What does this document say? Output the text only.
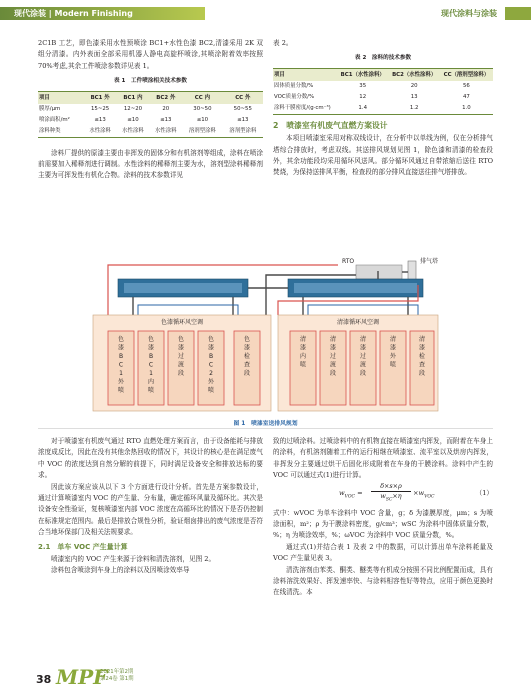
现代涂装 | Modern Finishing	现代涂料与涂装

2C1B 工艺，即色漆采用水性预喷涂 BC1+水性色漆 BC2,清漆采用 2K 双组分清漆。内外表面全部采用机器人静电高旋杯喷涂,其喷涂附着效率按照 70%考虑,其余工件喷涂参数详见表 1。

表 1　工件喷涂相关技术参数
项目	BC1 外	BC1 内	BC2 外	CC 内	CC 外
膜厚/μm	15~25	12~20	20	30~50	50~55
喷涂面积/m²	≤13	≤10	≤13	≤10	≤13
涂料种类	水性涂料	水性涂料	水性涂料	溶剂型涂料	溶剂型涂料

涂料厂提供的原漆主要由非挥发的固体分和有机溶剂等组成，涂料在喷涂前需要加入稀释剂进行调制。水性涂料的稀释剂主要为水，溶剂型涂料稀释剂主要为可挥发性有机化合物。涂料的技术参数详见

表 2。

表 2　涂料的技术参数
项目	BC1（水性涂料）	BC2（水性涂料）	CC（溶剂型涂料）
固体质量分数/%	35	20	56
VOC质量分数/%	12	13	47
涂料干膜密度/(g·cm⁻³)	1.4	1.2	1.0
2　喷漆室有机废气直燃方案设计

本项目喷漆室采用对称双线设计，在分析中以单线为例，仅在分析排气塔综合排放时，考虑双线。其送排风规划见图 1，除色漆和清漆的检查段外，其余功能段均采用循环风送风。部分循环风通过自带浓缩后送往 RTO 焚烧，为保持送排风平衡，检查段的部分排风直接送往排气塔排放。

RTO	排气塔
色漆循环风空调	清漆循环风空调
色
漆
B
C
1
外
喷
色
漆
B
C
1
内
喷
色
漆
过
渡
段
色
漆
B
C
2
外
喷
色
漆
检
查
段
清
漆
内
喷
清
漆
过
渡
段
清
漆
过
渡
段
清
漆
外
喷
清
漆
检
查
段
图 1　喷漆室送排风规划

对于喷漆室有机废气通过 RTO 直燃处理方案而言，由于设备能耗与排放浓度成反比，因此在没有其他余热回收的情况下，其设计的核心是在满足废气中 VOC 的浓度达到自然分解的前提下，同时满足设备安全和排放达标的要求。

因此该方案应该从以下 3 个方面进行设计分析。首先是方案参数设计，通过计算喷漆室内 VOC 的产生量、分布量，确定循环风量及循环比。其次是设备安全性验证，复核喷漆室内部 VOC 浓度在高循环比的情况下是否仍控制在标准规定范围内。最后是排放合规性分析，验证烟囱排出的废气浓度是否符合当地环保部门及相关法规要求。

2.1　单车 VOC 产生量计算

喷漆室内的 VOC 产生来源于涂料和清洗溶剂，见图 2。

涂料包含喷涂到车身上的涂料以及因喷涂效率导

致的过喷涂料。过喷涂料中的有机物直接在喷漆室内挥发，而附着在车身上的涂料，有机溶剂随着工件的运行相继在喷漆室、流平室以及烘房内挥发，非挥发分主要通过烘干后固化形成附着在车身的干膜涂料。涂料中产生的 VOC 可以通过式(1)进行计算。

$w_{VOC}$ =
δ×s×ρ
$w_{SC}\times\eta$	$\times w_{VOC}$	（1）

式中：wVOC 为单车涂料中 VOC 含量，g；δ 为漆膜厚度，μm；s 为喷涂面积，m²；ρ 为干膜涂料密度，g/cm³；wSC 为涂料中固体质量分数，%；η 为喷涂效率，%；ωVOC 为涂料中 VOC 质量分数，%。

通过式(1)并结合表 1 及表 2 中的数据，可以计算出单车涂料耗量及 VOC 产生量见表 3。

清洗溶剂由苯类、酮类、醚类等有机成分按照不同比例配置而成，具有涂料溶洗效果好、挥发速率快、与涂料相容性好等特点，应用于颜色更换时在线清洗。本

38 MPF
2021年第2期
第24卷 第1期
